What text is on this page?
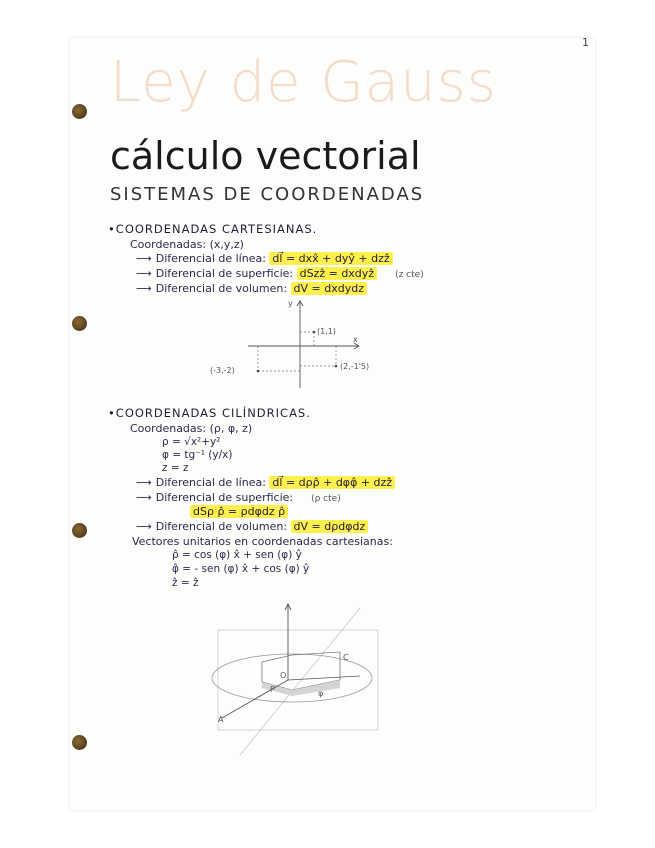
1
Ley de Gauss
cálculo vectorial
SISTEMAS DE COORDENADAS
•COORDENADAS CARTESIANAS.
Coordenadas: (x,y,z)
⟶ Diferencial de línea: dl⃗ = dxx̂ + dyŷ + dzẑ
⟶ Diferencial de superficie: dSzẑ = dxdyẑ (z cte)
⟶ Diferencial de volumen: dV = dxdydz
y
x
(1,1)
(-3,-2)	(2,-1'5)
•COORDENADAS CILÍNDRICAS.
Coordenadas: (ρ, φ, z)
ρ = √x²+y²
φ = tg⁻¹ (y/x)
z = z
⟶ Diferencial de línea: dl⃗ = dρρ̂ + dφφ̂ + dzẑ
⟶ Diferencial de superficie: (ρ cte)
dSρ ρ̂ = ρdφdz ρ̂
⟶ Diferencial de volumen: dV = dρdφdz
Vectores unitarios en coordenadas cartesianas:
ρ̂ = cos (φ) x̂ + sen (φ) ŷ
φ̂ = - sen (φ) x̂ + cos (φ) ŷ
ẑ = ẑ
O
P
C
A
φ
